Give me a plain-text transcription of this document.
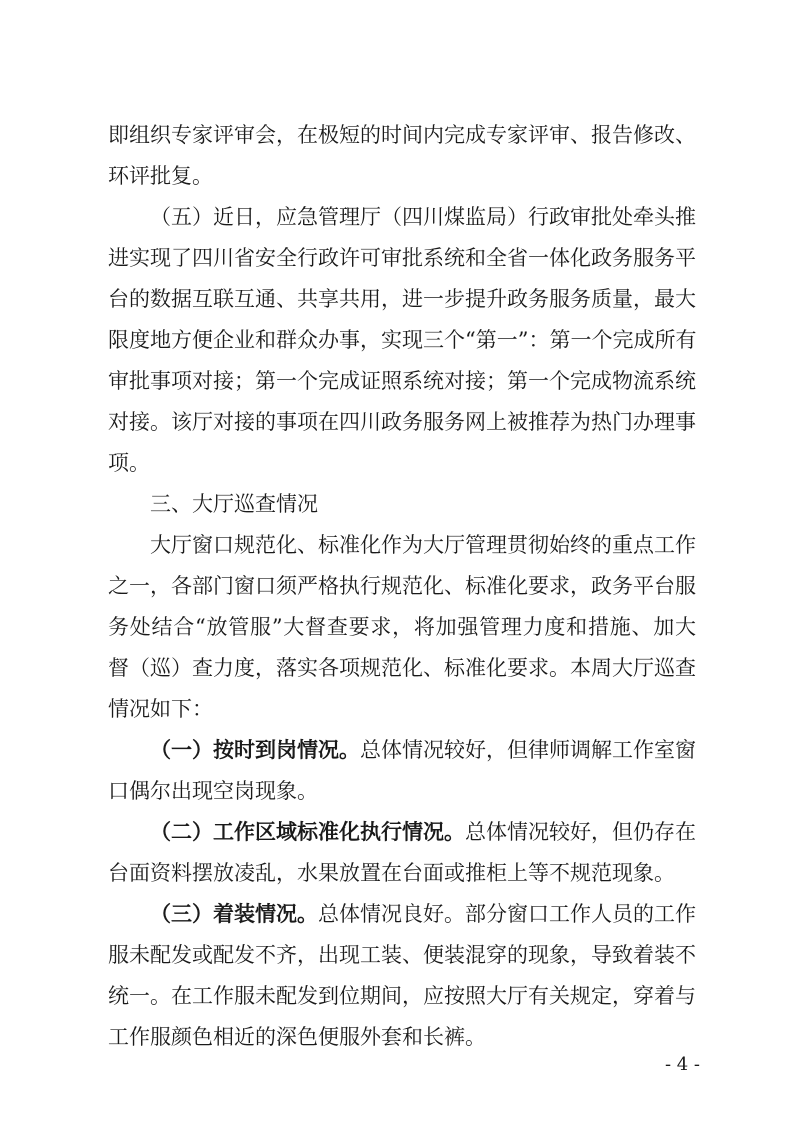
即组织专家评审会，在极短的时间内完成专家评审、报告修改、
环评批复。
（五）近日，应急管理厅（四川煤监局）行政审批处牵头推
进实现了四川省安全行政许可审批系统和全省一体化政务服务平
台的数据互联互通、共享共用，进一步提升政务服务质量，最大
限度地方便企业和群众办事，实现三个“第一”：第一个完成所有
审批事项对接；第一个完成证照系统对接；第一个完成物流系统
对接。该厅对接的事项在四川政务服务网上被推荐为热门办理事
项。
三、大厅巡查情况
大厅窗口规范化、标准化作为大厅管理贯彻始终的重点工作
之一，各部门窗口须严格执行规范化、标准化要求，政务平台服
务处结合“放管服”大督查要求，将加强管理力度和措施、加大
督（巡）查力度，落实各项规范化、标准化要求。本周大厅巡查
情况如下：
（一）按时到岗情况。总体情况较好，但律师调解工作室窗
口偶尔出现空岗现象。
（二）工作区域标准化执行情况。总体情况较好，但仍存在
台面资料摆放凌乱，水果放置在台面或推柜上等不规范现象。
（三）着装情况。总体情况良好。部分窗口工作人员的工作
服未配发或配发不齐，出现工装、便装混穿的现象，导致着装不
统一。在工作服未配发到位期间，应按照大厅有关规定，穿着与
工作服颜色相近的深色便服外套和长裤。
- 4 -
